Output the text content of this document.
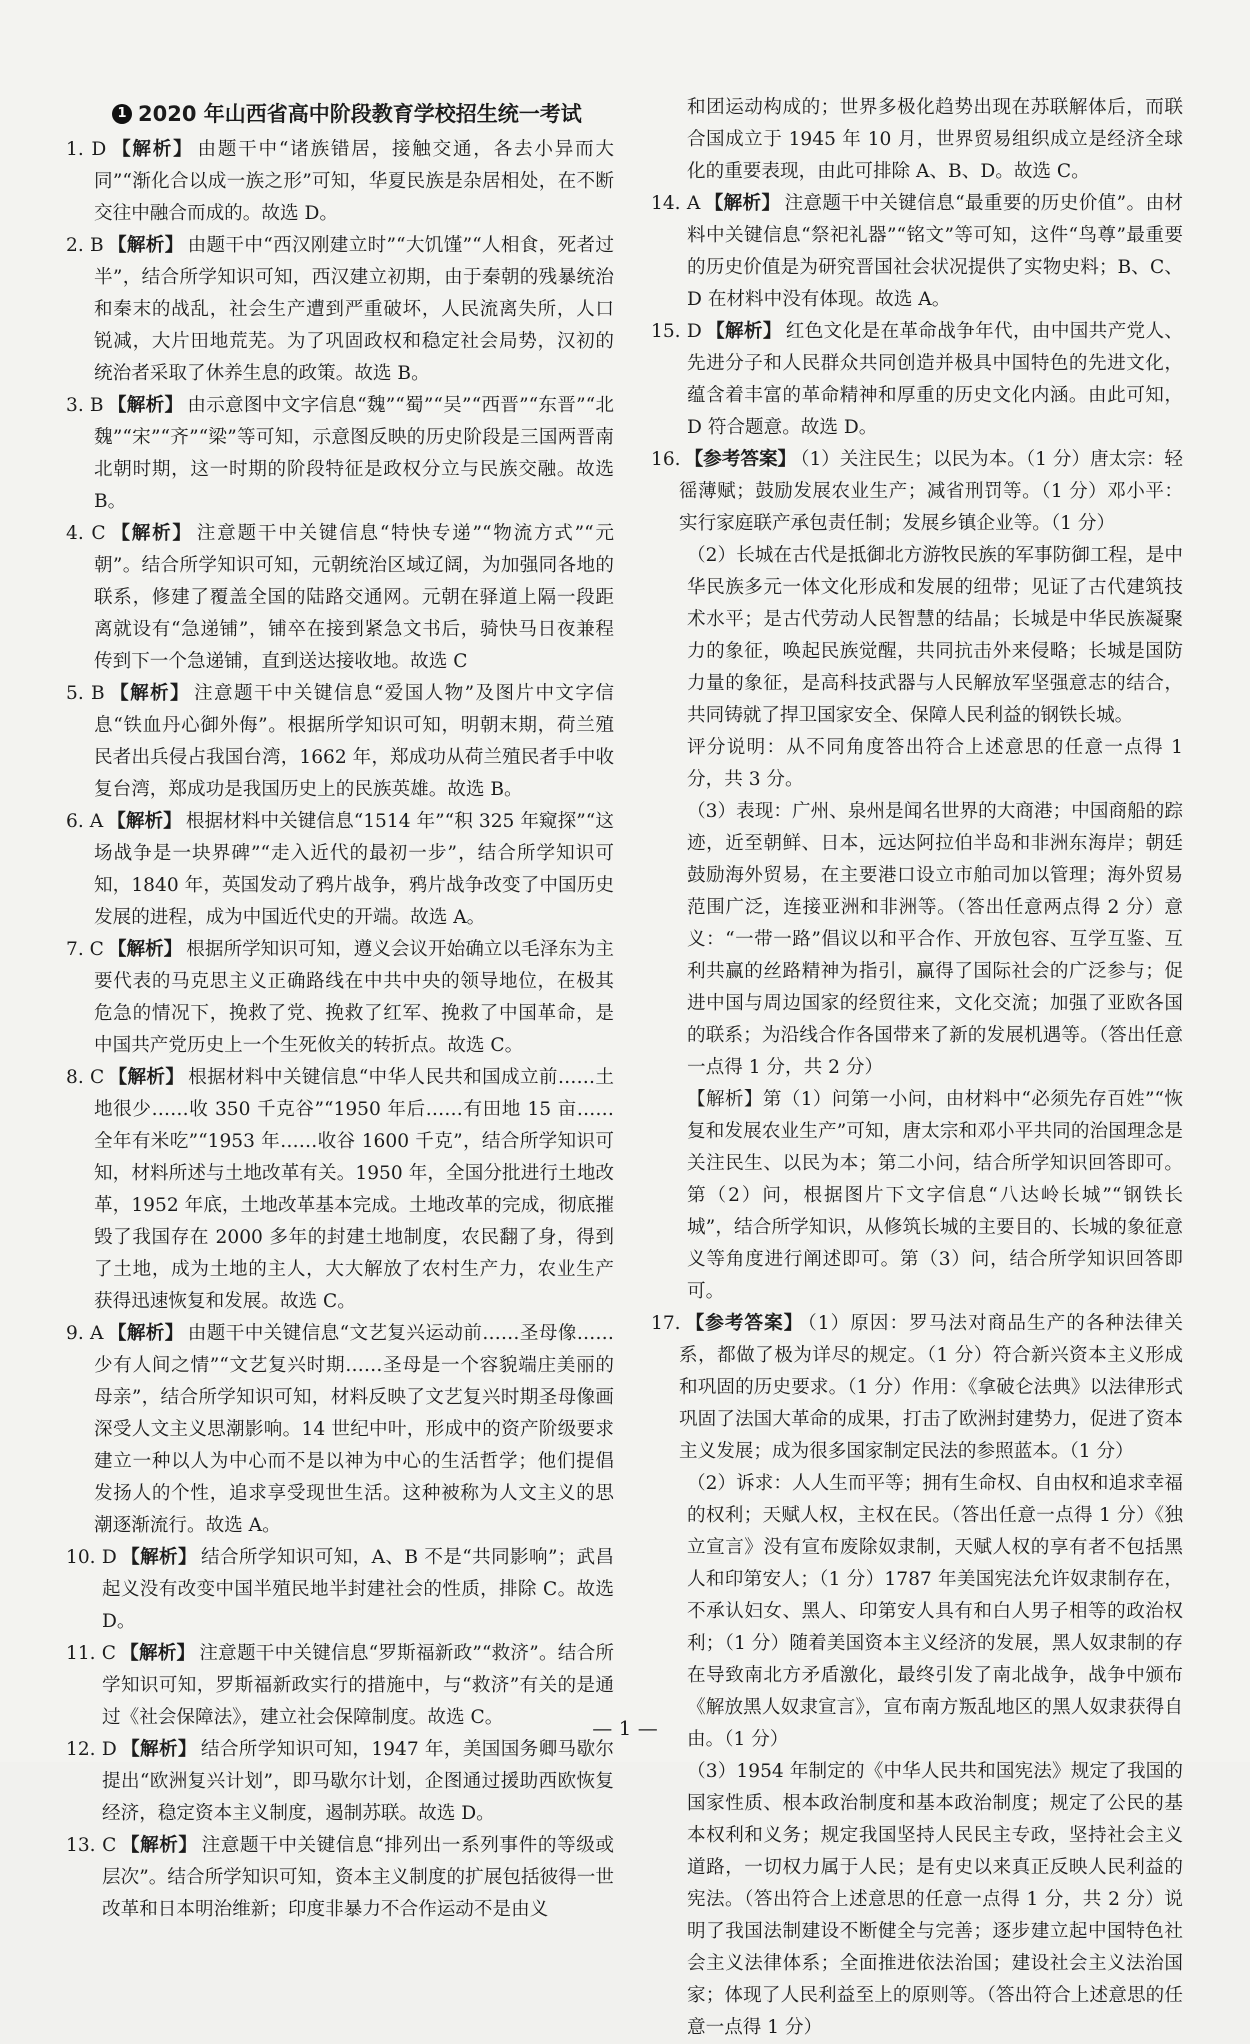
1 2020 年山西省高中阶段教育学校招生统一考试

1. D 【解析】 由题干中“诸族错居，接触交通，各去小异而大同”“渐化合以成一族之形”可知，华夏民族是杂居相处，在不断交往中融合而成的。故选 D。

2. B 【解析】 由题干中“西汉刚建立时”“大饥馑”“人相食，死者过半”，结合所学知识可知，西汉建立初期，由于秦朝的残暴统治和秦末的战乱，社会生产遭到严重破坏，人民流离失所，人口锐减，大片田地荒芜。为了巩固政权和稳定社会局势，汉初的统治者采取了休养生息的政策。故选 B。

3. B 【解析】 由示意图中文字信息“魏”“蜀”“吴”“西晋”“东晋”“北魏”“宋”“齐”“梁”等可知，示意图反映的历史阶段是三国两晋南北朝时期，这一时期的阶段特征是政权分立与民族交融。故选 B。

4. C 【解析】 注意题干中关键信息“特快专递”“物流方式”“元朝”。结合所学知识可知，元朝统治区域辽阔，为加强同各地的联系，修建了覆盖全国的陆路交通网。元朝在驿道上隔一段距离就设有“急递铺”，铺卒在接到紧急文书后，骑快马日夜兼程传到下一个急递铺，直到送达接收地。故选 C

5. B 【解析】 注意题干中关键信息“爱国人物”及图片中文字信息“铁血丹心御外侮”。根据所学知识可知，明朝末期，荷兰殖民者出兵侵占我国台湾，1662 年，郑成功从荷兰殖民者手中收复台湾，郑成功是我国历史上的民族英雄。故选 B。

6. A 【解析】 根据材料中关键信息“1514 年”“积 325 年窥探”“这场战争是一块界碑”“走入近代的最初一步”，结合所学知识可知，1840 年，英国发动了鸦片战争，鸦片战争改变了中国历史发展的进程，成为中国近代史的开端。故选 A。

7. C 【解析】 根据所学知识可知，遵义会议开始确立以毛泽东为主要代表的马克思主义正确路线在中共中央的领导地位，在极其危急的情况下，挽救了党、挽救了红军、挽救了中国革命，是中国共产党历史上一个生死攸关的转折点。故选 C。

8. C 【解析】 根据材料中关键信息“中华人民共和国成立前……土地很少……收 350 千克谷”“1950 年后……有田地 15 亩……全年有米吃”“1953 年……收谷 1600 千克”，结合所学知识可知，材料所述与土地改革有关。1950 年，全国分批进行土地改革，1952 年底，土地改革基本完成。土地改革的完成，彻底摧毁了我国存在 2000 多年的封建土地制度，农民翻了身，得到了土地，成为土地的主人，大大解放了农村生产力，农业生产获得迅速恢复和发展。故选 C。

9. A 【解析】 由题干中关键信息“文艺复兴运动前……圣母像……少有人间之情”“文艺复兴时期……圣母是一个容貌端庄美丽的母亲”，结合所学知识可知，材料反映了文艺复兴时期圣母像画深受人文主义思潮影响。14 世纪中叶，形成中的资产阶级要求建立一种以人为中心而不是以神为中心的生活哲学；他们提倡发扬人的个性，追求享受现世生活。这种被称为人文主义的思潮逐渐流行。故选 A。

10. D 【解析】 结合所学知识可知，A、B 不是“共同影响”；武昌起义没有改变中国半殖民地半封建社会的性质，排除 C。故选 D。

11. C 【解析】 注意题干中关键信息“罗斯福新政”“救济”。结合所学知识可知，罗斯福新政实行的措施中，与“救济”有关的是通过《社会保障法》，建立社会保障制度。故选 C。

12. D 【解析】 结合所学知识可知，1947 年，美国国务卿马歇尔提出“欧洲复兴计划”，即马歇尔计划，企图通过援助西欧恢复经济，稳定资本主义制度，遏制苏联。故选 D。

13. C 【解析】 注意题干中关键信息“排列出一系列事件的等级或层次”。结合所学知识可知，资本主义制度的扩展包括彼得一世改革和日本明治维新；印度非暴力不合作运动不是由义

和团运动构成的；世界多极化趋势出现在苏联解体后，而联合国成立于 1945 年 10 月，世界贸易组织成立是经济全球化的重要表现，由此可排除 A、B、D。故选 C。

14. A 【解析】 注意题干中关键信息“最重要的历史价值”。由材料中关键信息“祭祀礼器”“铭文”等可知，这件“鸟尊”最重要的历史价值是为研究晋国社会状况提供了实物史料；B、C、D 在材料中没有体现。故选 A。

15. D 【解析】 红色文化是在革命战争年代，由中国共产党人、先进分子和人民群众共同创造并极具中国特色的先进文化，蕴含着丰富的革命精神和厚重的历史文化内涵。由此可知，D 符合题意。故选 D。

16. 【参考答案】 （1）关注民生；以民为本。（1 分）唐太宗：轻徭薄赋；鼓励发展农业生产；减省刑罚等。（1 分）邓小平：实行家庭联产承包责任制；发展乡镇企业等。（1 分）

（2）长城在古代是抵御北方游牧民族的军事防御工程，是中华民族多元一体文化形成和发展的纽带；见证了古代建筑技术水平；是古代劳动人民智慧的结晶；长城是中华民族凝聚力的象征，唤起民族觉醒，共同抗击外来侵略；长城是国防力量的象征，是高科技武器与人民解放军坚强意志的结合，共同铸就了捍卫国家安全、保障人民利益的钢铁长城。

评分说明：从不同角度答出符合上述意思的任意一点得 1 分，共 3 分。

（3）表现：广州、泉州是闻名世界的大商港；中国商船的踪迹，近至朝鲜、日本，远达阿拉伯半岛和非洲东海岸；朝廷鼓励海外贸易，在主要港口设立市舶司加以管理；海外贸易范围广泛，连接亚洲和非洲等。（答出任意两点得 2 分）意义：“一带一路”倡议以和平合作、开放包容、互学互鉴、互利共赢的丝路精神为指引，赢得了国际社会的广泛参与；促进中国与周边国家的经贸往来，文化交流；加强了亚欧各国的联系；为沿线合作各国带来了新的发展机遇等。（答出任意一点得 1 分，共 2 分）

【解析】第（1）问第一小问，由材料中“必须先存百姓”“恢复和发展农业生产”可知，唐太宗和邓小平共同的治国理念是关注民生、以民为本；第二小问，结合所学知识回答即可。第（2）问，根据图片下文字信息“八达岭长城”“钢铁长城”，结合所学知识，从修筑长城的主要目的、长城的象征意义等角度进行阐述即可。第（3）问，结合所学知识回答即可。

17. 【参考答案】 （1）原因：罗马法对商品生产的各种法律关系，都做了极为详尽的规定。（1 分）符合新兴资本主义形成和巩固的历史要求。（1 分）作用：《拿破仑法典》以法律形式巩固了法国大革命的成果，打击了欧洲封建势力，促进了资本主义发展；成为很多国家制定民法的参照蓝本。（1 分）

（2）诉求：人人生而平等；拥有生命权、自由权和追求幸福的权利；天赋人权，主权在民。（答出任意一点得 1 分）《独立宣言》没有宣布废除奴隶制，天赋人权的享有者不包括黑人和印第安人；（1 分）1787 年美国宪法允许奴隶制存在，不承认妇女、黑人、印第安人具有和白人男子相等的政治权利；（1 分）随着美国资本主义经济的发展，黑人奴隶制的存在导致南北方矛盾激化，最终引发了南北战争，战争中颁布《解放黑人奴隶宣言》，宣布南方叛乱地区的黑人奴隶获得自由。（1 分）

（3）1954 年制定的《中华人民共和国宪法》规定了我国的国家性质、根本政治制度和基本政治制度；规定了公民的基本权利和义务；规定我国坚持人民民主专政，坚持社会主义道路，一切权力属于人民；是有史以来真正反映人民利益的宪法。（答出符合上述意思的任意一点得 1 分，共 2 分）说明了我国法制建设不断健全与完善；逐步建立起中国特色社会主义法律体系；全面推进依法治国；建设社会主义法治国家；体现了人民利益至上的原则等。（答出符合上述意思的任意一点得 1 分）

— 1 —
